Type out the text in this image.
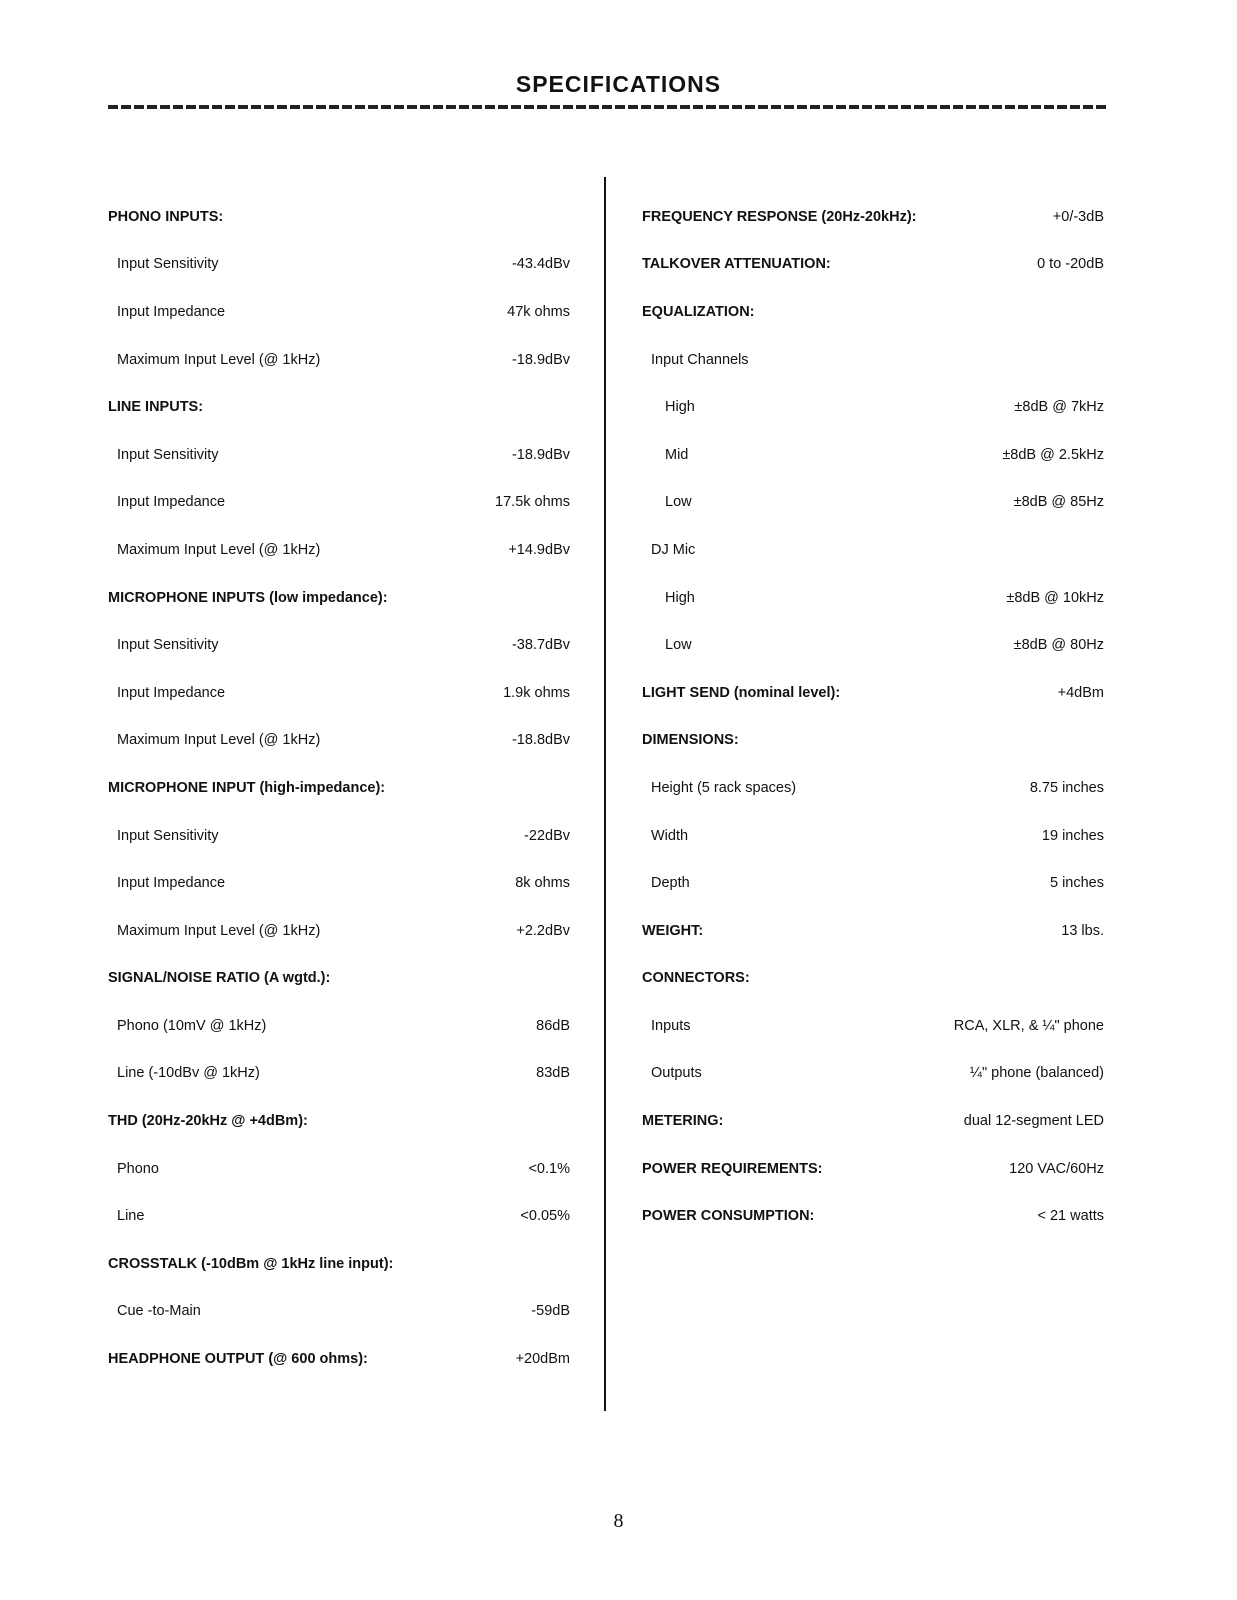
SPECIFICATIONS
PHONO INPUTS:
Input Sensitivity	-43.4dBv
Input Impedance	47k ohms
Maximum Input Level (@ 1kHz)	-18.9dBv
LINE INPUTS:
Input Sensitivity	-18.9dBv
Input Impedance	17.5k ohms
Maximum Input Level (@ 1kHz)	+14.9dBv
MICROPHONE INPUTS (low impedance):
Input Sensitivity	-38.7dBv
Input Impedance	1.9k ohms
Maximum Input Level (@ 1kHz)	-18.8dBv
MICROPHONE INPUT (high-impedance):
Input Sensitivity	-22dBv
Input Impedance	8k ohms
Maximum Input Level (@ 1kHz)	+2.2dBv
SIGNAL/NOISE RATIO (A wgtd.):
Phono (10mV @ 1kHz)	86dB
Line (-10dBv @ 1kHz)	83dB
THD (20Hz-20kHz @ +4dBm):
Phono	<0.1%
Line	<0.05%
CROSSTALK (-10dBm @ 1kHz line input):
Cue -to-Main	-59dB
HEADPHONE OUTPUT (@ 600 ohms):	+20dBm
FREQUENCY RESPONSE (20Hz-20kHz):	+0/-3dB
TALKOVER ATTENUATION:	0 to -20dB
EQUALIZATION:
Input Channels
High	±8dB @ 7kHz
Mid	±8dB @ 2.5kHz
Low	±8dB @ 85Hz
DJ Mic
High	±8dB @ 10kHz
Low	±8dB @ 80Hz
LIGHT SEND (nominal level):	+4dBm
DIMENSIONS:
Height (5 rack spaces)	8.75 inches
Width	19 inches
Depth	5 inches
WEIGHT:	13 lbs.
CONNECTORS:
Inputs	RCA, XLR, & ¼" phone
Outputs	¼" phone (balanced)
METERING:	dual 12-segment LED
POWER REQUIREMENTS:	120 VAC/60Hz
POWER CONSUMPTION:	< 21 watts
8
